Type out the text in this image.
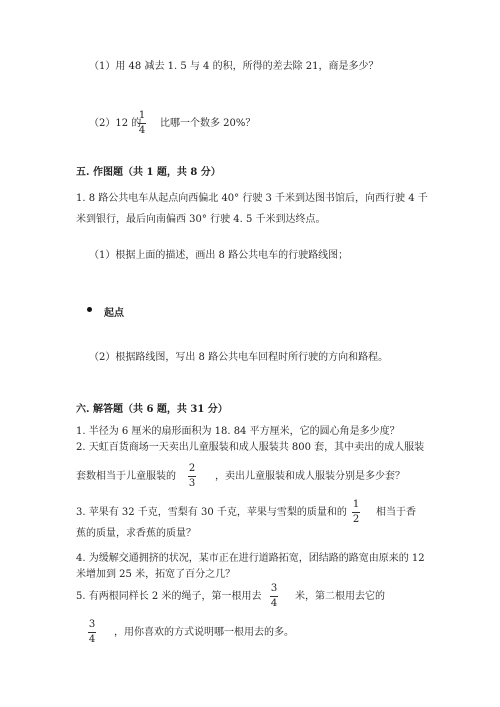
（1）用 48 减去 1. 5 与 4 的积，所得的差去除 21，商是多少？
（2）12 的
1
4
比哪一个数多 20%？
五. 作图题（共 1 题，共 8 分）
1. 8 路公共电车从起点向西偏北 40° 行驶 3 千米到达图书馆后，向西行驶 4 千
米到银行，最后向南偏西 30° 行驶 4. 5 千米到达终点。
（1）根据上面的描述，画出 8 路公共电车的行驶路线图；
起点
（2）根据路线图，写出 8 路公共电车回程时所行驶的方向和路程。
六. 解答题（共 6 题，共 31 分）
1. 半径为 6 厘米的扇形面积为 18. 84 平方厘米，它的圆心角是多少度？
2. 天虹百货商场一天卖出儿童服装和成人服装共 800 套，其中卖出的成人服装
套数相当于儿童服装的
2
3
，卖出儿童服装和成人服装分别是多少套？
3. 苹果有 32 千克，雪梨有 30 千克，苹果与雪梨的质量和的
1
2
相当于香
蕉的质量，求香蕉的质量？
4. 为缓解交通拥挤的状况，某市正在进行道路拓宽，团结路的路宽由原来的 12
米增加到 25 米，拓宽了百分之几？
5. 有两根同样长 2 米的绳子，第一根用去
3
4
米，第二根用去它的
3
4
，用你喜欢的方式说明哪一根用去的多。
